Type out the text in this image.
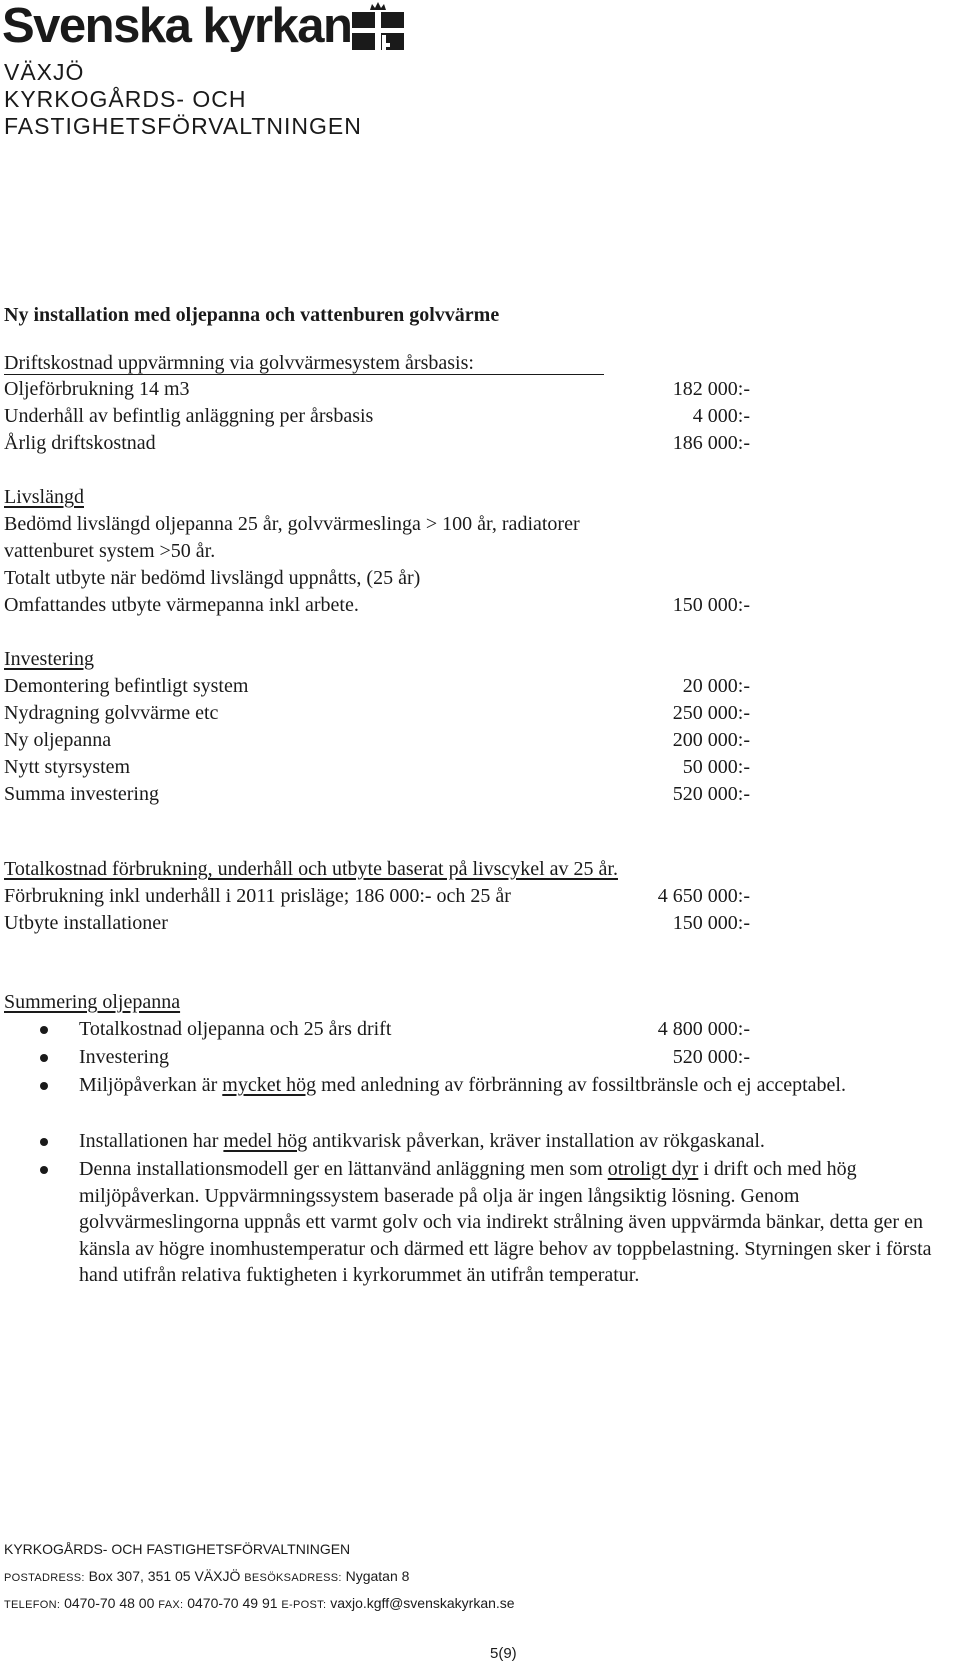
Svenska kyrkan
VÄXJÖ
KYRKOGÅRDS- OCH
FASTIGHETSFÖRVALTNINGEN
Ny installation med oljepanna och vattenburen golvvärme
Driftskostnad uppvärmning via golvvärmesystem årsbasis:
Oljeförbrukning 14 m3	182 000:-
Underhåll av befintlig anläggning per årsbasis	4 000:-
Årlig driftskostnad	186 000:-
Livslängd
Bedömd livslängd oljepanna 25 år, golvvärmeslinga > 100 år, radiatorer
vattenburet system >50 år.
Totalt utbyte när bedömd livslängd uppnåtts, (25 år)
Omfattandes utbyte värmepanna inkl arbete.	150 000:-
Investering
Demontering befintligt system	20 000:-
Nydragning golvvärme etc	250 000:-
Ny oljepanna	200 000:-
Nytt styrsystem	50 000:-
Summa investering	520 000:-
Totalkostnad förbrukning, underhåll och utbyte baserat på livscykel av 25 år.
Förbrukning inkl underhåll i 2011 prisläge; 186 000:- och 25 år	4 650 000:-
Utbyte installationer	150 000:-
Summering oljepanna
Totalkostnad oljepanna och 25 års drift	4 800 000:-
Investering	520 000:-
Miljöpåverkan är mycket hög med anledning av förbränning av fossiltbränsle och ej acceptabel.
Installationen har medel hög antikvarisk påverkan, kräver installation av rökgaskanal.
Denna installationsmodell ger en lättanvänd anläggning men som otroligt dyr i drift och med hög miljöpåverkan. Uppvärmningssystem baserade på olja är ingen långsiktig lösning. Genom golvvärmeslingorna uppnås ett varmt golv och via indirekt strålning även uppvärmda bänkar, detta ger en känsla av högre inomhustemperatur och därmed ett lägre behov av toppbelastning. Styrningen sker i första hand utifrån relativa fuktigheten i kyrkorummet än utifrån temperatur.
KYRKOGÅRDS- OCH FASTIGHETSFÖRVALTNINGEN
POSTADRESS: Box 307, 351 05 VÄXJÖ BESÖKSADRESS: Nygatan 8
TELEFON: 0470-70 48 00 FAX: 0470-70 49 91 E-POST: vaxjo.kgff@svenskakyrkan.se
5(9)
